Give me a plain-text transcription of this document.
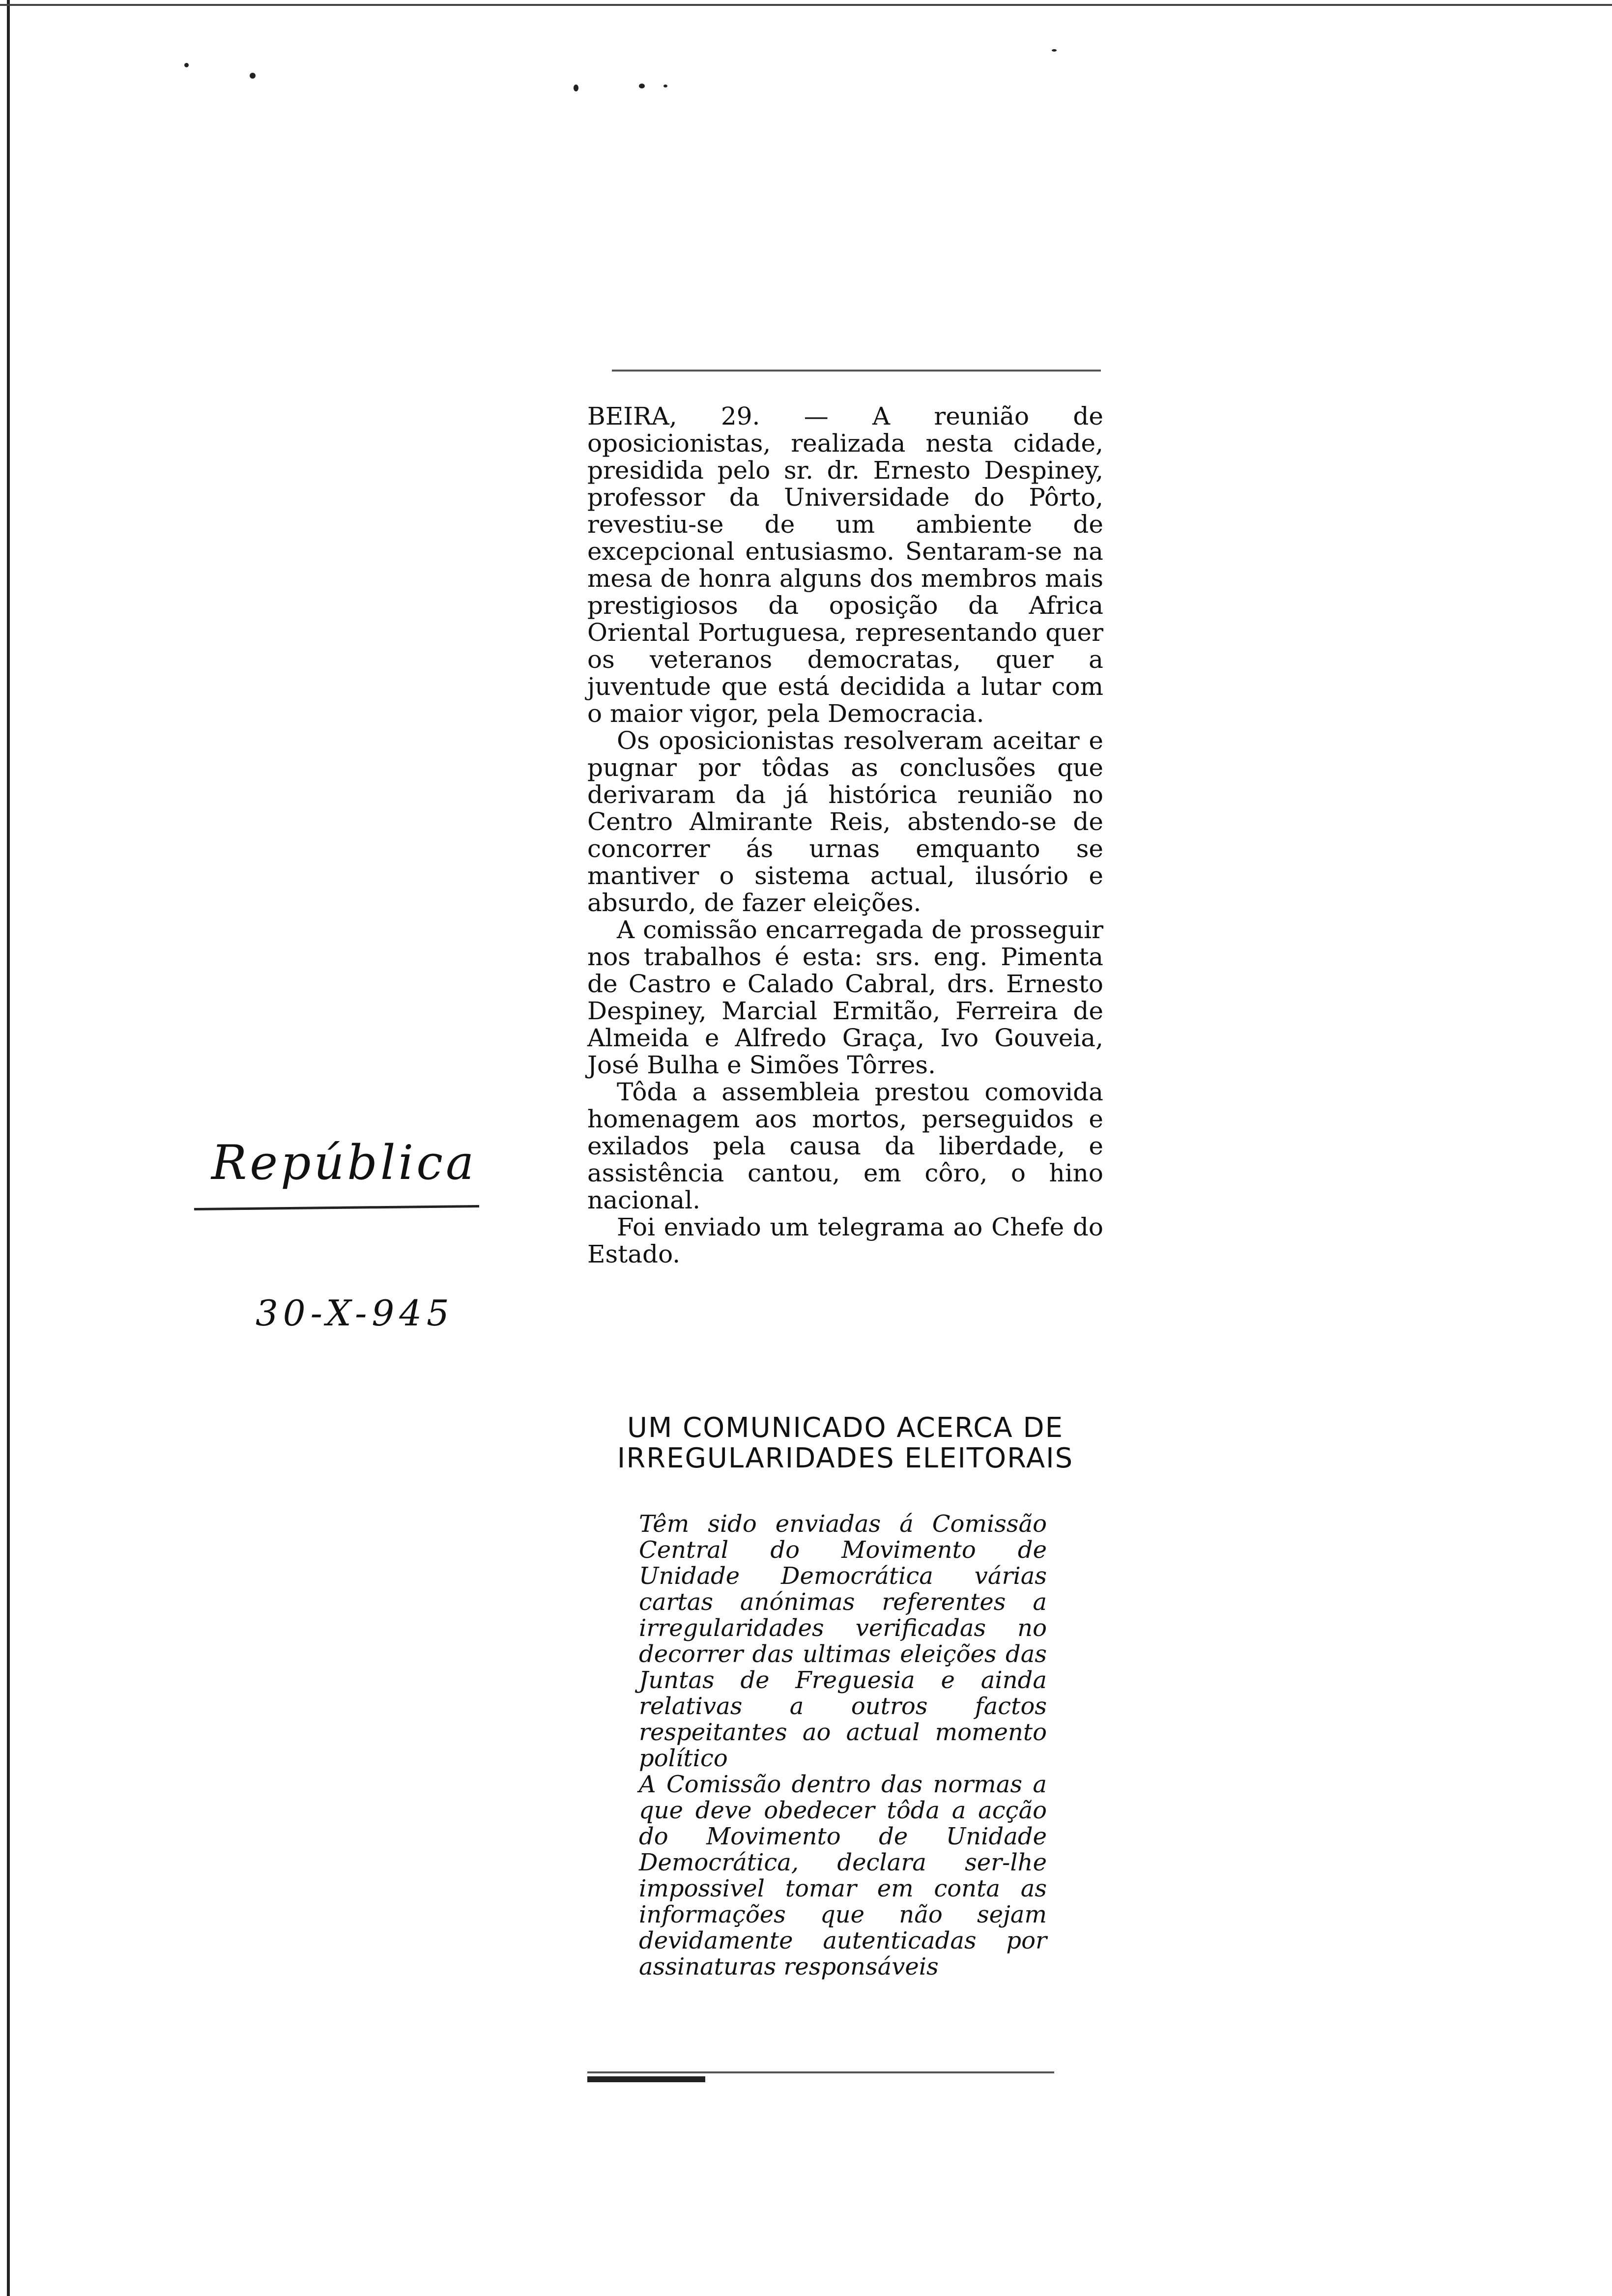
BEIRA, 29. — A reunião de oposicionistas, realizada nesta cidade, presidida pelo sr. dr. Ernesto Despiney, professor da Universidade do Pôrto, revestiu-se de um ambiente de excepcional entusiasmo. Sentaram-se na mesa de honra alguns dos membros mais prestigiosos da oposição da Africa Oriental Portuguesa, representando quer os veteranos democratas, quer a juventude que está decidida a lutar com o maior vigor, pela Democracia.

Os oposicionistas resolveram aceitar e pugnar por tôdas as conclusões que derivaram da já histórica reunião no Centro Almirante Reis, abstendo-se de concorrer ás urnas emquanto se mantiver o sistema actual, ilusório e absurdo, de fazer eleições.

A comissão encarregada de prosseguir nos trabalhos é esta: srs. eng. Pimenta de Castro e Calado Cabral, drs. Ernesto Despiney, Marcial Ermitão, Ferreira de Almeida e Alfredo Graça, Ivo Gouveia, José Bulha e Simões Tôrres.

Tôda a assembleia prestou comovida homenagem aos mortos, perseguidos e exilados pela causa da liberdade, e assistência cantou, em côro, o hino nacional.

Foi enviado um telegrama ao Chefe do Estado.

UM COMUNICADO ACERCA DE IRREGULARIDADES ELEITORAIS

Têm sido enviadas á Comissão Central do Movimento de Unidade Democrática várias cartas anónimas referentes a irregularidades verificadas no decorrer das ultimas eleições das Juntas de Freguesia e ainda relativas a outros factos respeitantes ao actual momento político

A Comissão dentro das normas a que deve obedecer tôda a acção do Movimento de Unidade Democrática, declara ser-lhe impossivel tomar em conta as informações que não sejam devidamente autenticadas por assinaturas responsáveis

República
30-X-945
